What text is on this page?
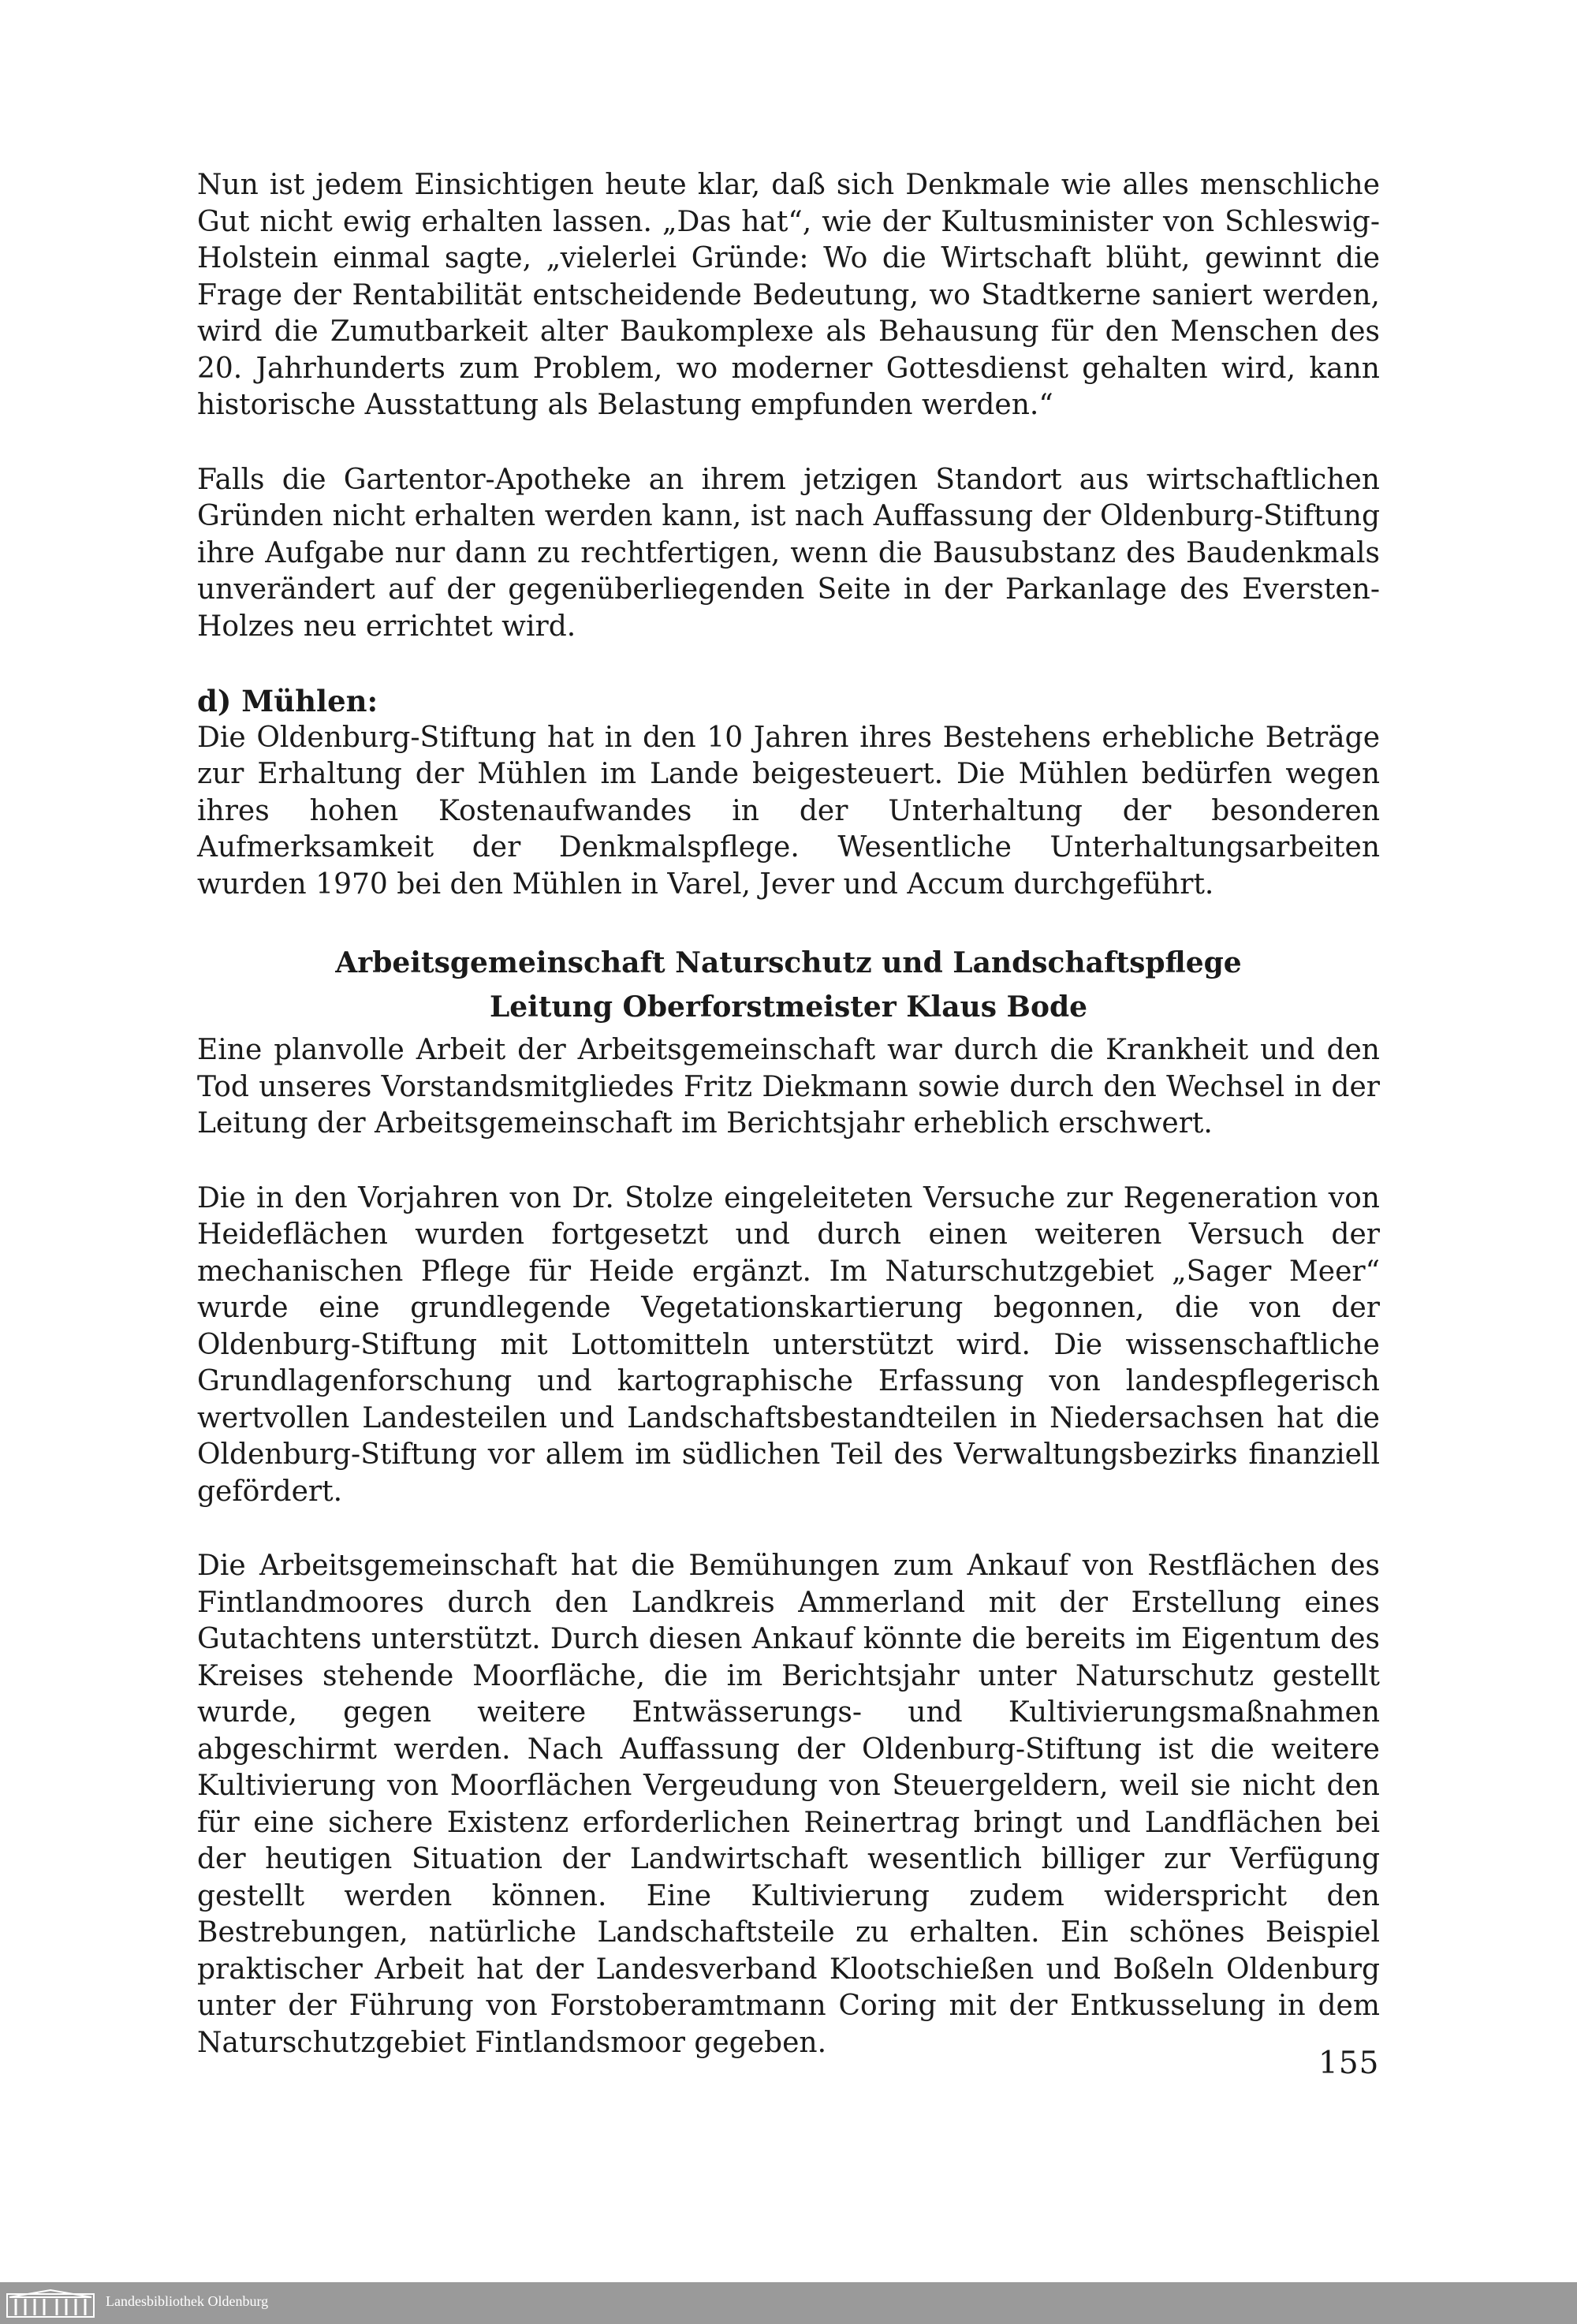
Nun ist jedem Einsichtigen heute klar, daß sich Denkmale wie alles menschliche Gut nicht ewig erhalten lassen. „Das hat“, wie der Kultusminister von Schleswig-Holstein einmal sagte, „vielerlei Gründe: Wo die Wirtschaft blüht, gewinnt die Frage der Rentabilität entscheidende Bedeutung, wo Stadtkerne saniert werden, wird die Zumutbarkeit alter Baukomplexe als Behausung für den Menschen des 20. Jahrhunderts zum Problem, wo moderner Gottesdienst gehalten wird, kann historische Ausstattung als Belastung empfunden werden.“

Falls die Gartentor-Apotheke an ihrem jetzigen Standort aus wirtschaftlichen Gründen nicht erhalten werden kann, ist nach Auffassung der Oldenburg-Stiftung ihre Aufgabe nur dann zu rechtfertigen, wenn die Bausubstanz des Baudenkmals unverändert auf der gegenüberliegenden Seite in der Parkanlage des Eversten-Holzes neu errichtet wird.

d) Mühlen:

Die Oldenburg-Stiftung hat in den 10 Jahren ihres Bestehens erhebliche Beträge zur Erhaltung der Mühlen im Lande beigesteuert. Die Mühlen bedürfen wegen ihres hohen Kostenaufwandes in der Unterhaltung der besonderen Aufmerksamkeit der Denkmalspflege. Wesentliche Unterhaltungsarbeiten wurden 1970 bei den Mühlen in Varel, Jever und Accum durchgeführt.

Arbeitsgemeinschaft Naturschutz und Landschaftspflege

Leitung Oberforstmeister Klaus Bode

Eine planvolle Arbeit der Arbeitsgemeinschaft war durch die Krankheit und den Tod unseres Vorstandsmitgliedes Fritz Diekmann sowie durch den Wechsel in der Leitung der Arbeitsgemeinschaft im Berichtsjahr erheblich erschwert.

Die in den Vorjahren von Dr. Stolze eingeleiteten Versuche zur Regeneration von Heideflächen wurden fortgesetzt und durch einen weiteren Versuch der mechanischen Pflege für Heide ergänzt. Im Naturschutzgebiet „Sager Meer“ wurde eine grundlegende Vegetationskartierung begonnen, die von der Oldenburg-Stiftung mit Lottomitteln unterstützt wird. Die wissenschaftliche Grundlagenforschung und kartographische Erfassung von landespflegerisch wertvollen Landesteilen und Landschaftsbestandteilen in Niedersachsen hat die Oldenburg-Stiftung vor allem im südlichen Teil des Verwaltungsbezirks finanziell gefördert.

Die Arbeitsgemeinschaft hat die Bemühungen zum Ankauf von Restflächen des Fintlandmoores durch den Landkreis Ammerland mit der Erstellung eines Gutachtens unterstützt. Durch diesen Ankauf könnte die bereits im Eigentum des Kreises stehende Moorfläche, die im Berichtsjahr unter Naturschutz gestellt wurde, gegen weitere Entwässerungs- und Kultivierungsmaßnahmen abgeschirmt werden. Nach Auffassung der Oldenburg-Stiftung ist die weitere Kultivierung von Moorflächen Vergeudung von Steuergeldern, weil sie nicht den für eine sichere Existenz erforderlichen Reinertrag bringt und Landflächen bei der heutigen Situation der Landwirtschaft wesentlich billiger zur Verfügung gestellt werden können. Eine Kultivierung zudem widerspricht den Bestrebungen, natürliche Landschaftsteile zu erhalten. Ein schönes Beispiel praktischer Arbeit hat der Landesverband Klootschießen und Boßeln Oldenburg unter der Führung von Forstoberamtmann Coring mit der Entkusselung in dem Naturschutzgebiet Fintlandsmoor gegeben.

155
Landesbibliothek Oldenburg
